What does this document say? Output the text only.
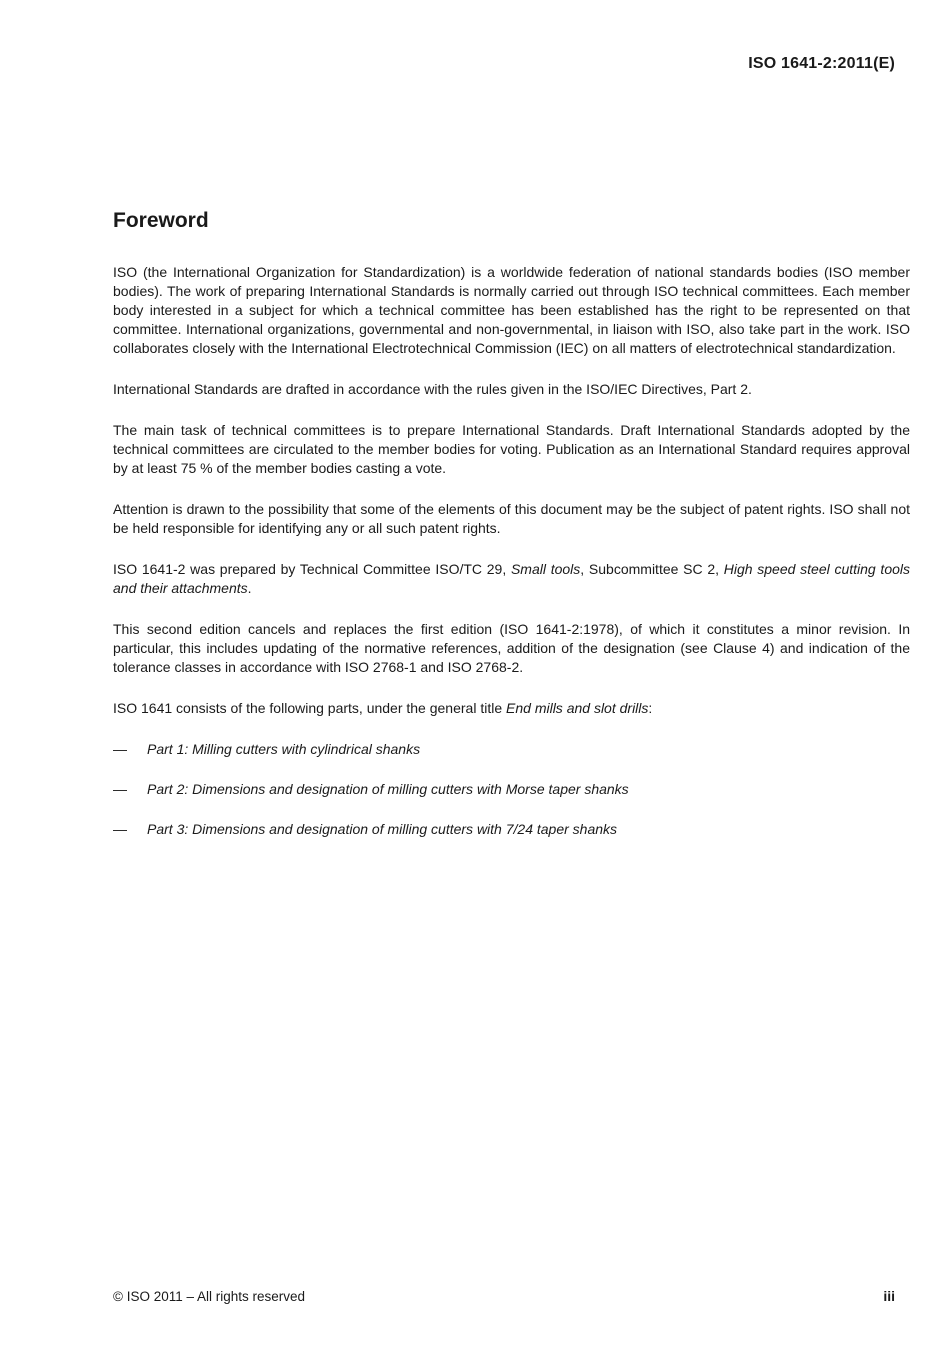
ISO 1641-2:2011(E)
Foreword

ISO (the International Organization for Standardization) is a worldwide federation of national standards bodies (ISO member bodies). The work of preparing International Standards is normally carried out through ISO technical committees. Each member body interested in a subject for which a technical committee has been established has the right to be represented on that committee. International organizations, governmental and non-governmental, in liaison with ISO, also take part in the work. ISO collaborates closely with the International Electrotechnical Commission (IEC) on all matters of electrotechnical standardization.

International Standards are drafted in accordance with the rules given in the ISO/IEC Directives, Part 2.

The main task of technical committees is to prepare International Standards. Draft International Standards adopted by the technical committees are circulated to the member bodies for voting. Publication as an International Standard requires approval by at least 75 % of the member bodies casting a vote.

Attention is drawn to the possibility that some of the elements of this document may be the subject of patent rights. ISO shall not be held responsible for identifying any or all such patent rights.

ISO 1641-2 was prepared by Technical Committee ISO/TC 29, Small tools, Subcommittee SC 2, High speed steel cutting tools and their attachments.

This second edition cancels and replaces the first edition (ISO 1641-2:1978), of which it constitutes a minor revision. In particular, this includes updating of the normative references, addition of the designation (see Clause 4) and indication of the tolerance classes in accordance with ISO 2768-1 and ISO 2768-2.

ISO 1641 consists of the following parts, under the general title End mills and slot drills:

—	Part 1: Milling cutters with cylindrical shanks
—	Part 2: Dimensions and designation of milling cutters with Morse taper shanks
—	Part 3: Dimensions and designation of milling cutters with 7/24 taper shanks
© ISO 2011 – All rights reserved	iii
